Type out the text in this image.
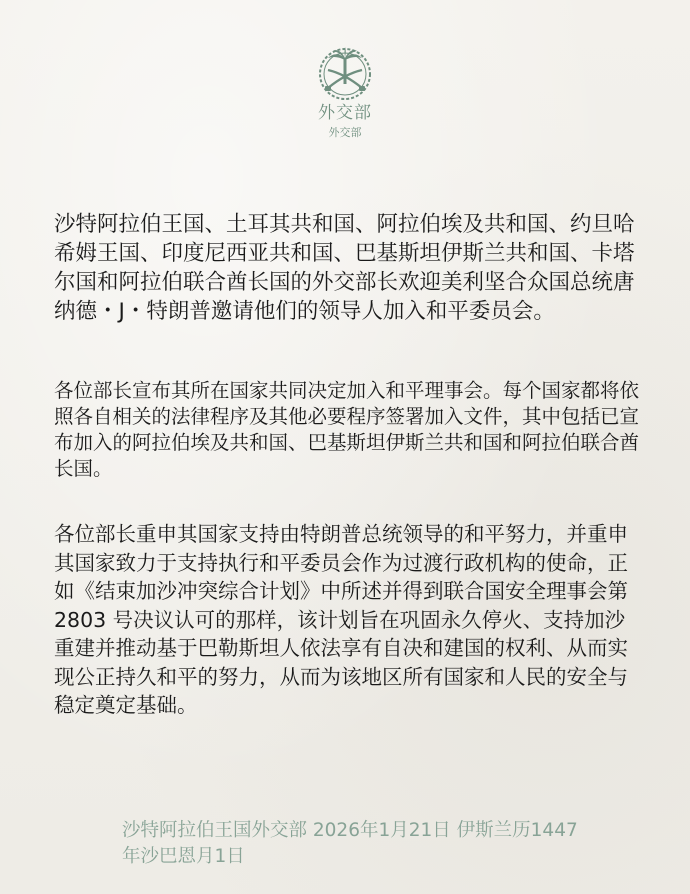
外交部
外交部

沙特阿拉伯王国、土耳其共和国、阿拉伯埃及共和国、约旦哈希姆王国、印度尼西亚共和国、巴基斯坦伊斯兰共和国、卡塔尔国和阿拉伯联合酋长国的外交部长欢迎美利坚合众国总统唐纳德・J・特朗普邀请他们的领导人加入和平委员会。

各位部长宣布其所在国家共同决定加入和平理事会。每个国家都将依照各自相关的法律程序及其他必要程序签署加入文件，其中包括已宣布加入的阿拉伯埃及共和国、巴基斯坦伊斯兰共和国和阿拉伯联合酋长国。

各位部长重申其国家支持由特朗普总统领导的和平努力，并重申其国家致力于支持执行和平委员会作为过渡行政机构的使命，正如《结束加沙冲突综合计划》中所述并得到联合国安全理事会第 2803 号决议认可的那样，该计划旨在巩固永久停火、支持加沙重建并推动基于巴勒斯坦人依法享有自决和建国的权利、从而实现公正持久和平的努力，从而为该地区所有国家和人民的安全与稳定奠定基础。

沙特阿拉伯王国外交部 2026年1月21日 伊斯兰历1447年沙巴恩月1日
